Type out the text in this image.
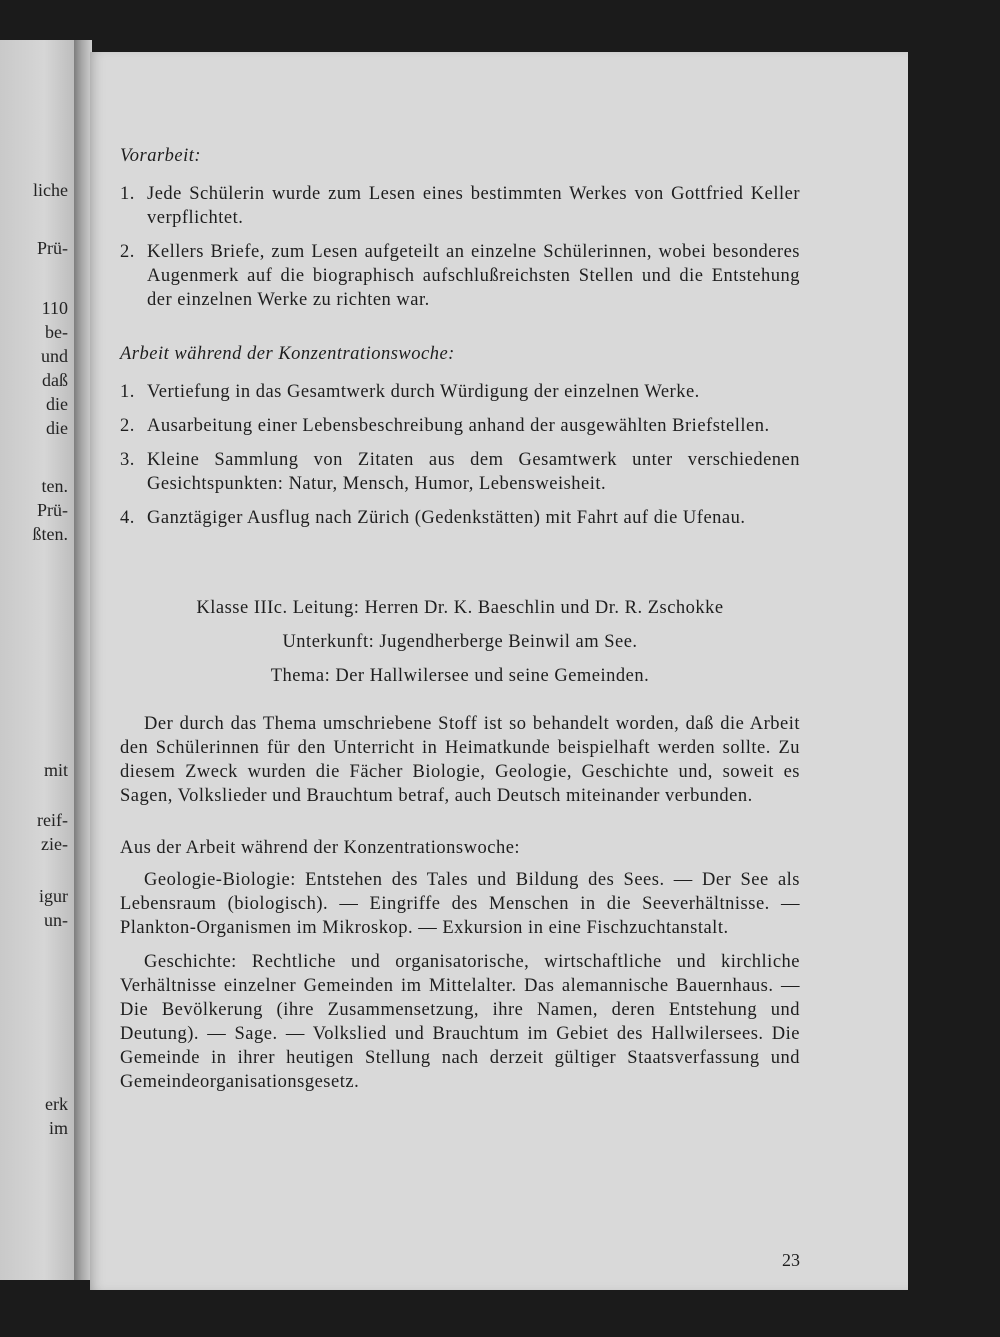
liche
Prü-
110
be-
und
daß
die
die
ten.
Prü-
ßten.
mit
reif-
zie-
igur
un-
erk
im
Vorarbeit:
1. Jede Schülerin wurde zum Lesen eines bestimmten Werkes von Gottfried Keller verpflichtet.
2. Kellers Briefe, zum Lesen aufgeteilt an einzelne Schülerinnen, wobei besonderes Augenmerk auf die biographisch aufschlußreichsten Stellen und die Entstehung der einzelnen Werke zu richten war.
Arbeit während der Konzentrationswoche:
1. Vertiefung in das Gesamtwerk durch Würdigung der einzelnen Werke.
2. Ausarbeitung einer Lebensbeschreibung anhand der ausgewählten Briefstellen.
3. Kleine Sammlung von Zitaten aus dem Gesamtwerk unter verschiedenen Gesichtspunkten: Natur, Mensch, Humor, Lebensweisheit.
4. Ganztägiger Ausflug nach Zürich (Gedenkstätten) mit Fahrt auf die Ufenau.

Klasse IIIc. Leitung: Herren Dr. K. Baeschlin und Dr. R. Zschokke

Unterkunft: Jugendherberge Beinwil am See.

Thema: Der Hallwilersee und seine Gemeinden.

Der durch das Thema umschriebene Stoff ist so behandelt worden, daß die Arbeit den Schülerinnen für den Unterricht in Heimatkunde beispielhaft werden sollte. Zu diesem Zweck wurden die Fächer Biologie, Geologie, Geschichte und, soweit es Sagen, Volkslieder und Brauchtum betraf, auch Deutsch miteinander verbunden.

Aus der Arbeit während der Konzentrationswoche:

Geologie-Biologie: Entstehen des Tales und Bildung des Sees. — Der See als Lebensraum (biologisch). — Eingriffe des Menschen in die Seeverhältnisse. — Plankton-Organismen im Mikroskop. — Exkursion in eine Fischzuchtanstalt.

Geschichte: Rechtliche und organisatorische, wirtschaftliche und kirchliche Verhältnisse einzelner Gemeinden im Mittelalter. Das alemannische Bauernhaus. — Die Bevölkerung (ihre Zusammensetzung, ihre Namen, deren Entstehung und Deutung). — Sage. — Volkslied und Brauchtum im Gebiet des Hallwilersees. Die Gemeinde in ihrer heutigen Stellung nach derzeit gültiger Staatsverfassung und Gemeindeorganisationsgesetz.

23
